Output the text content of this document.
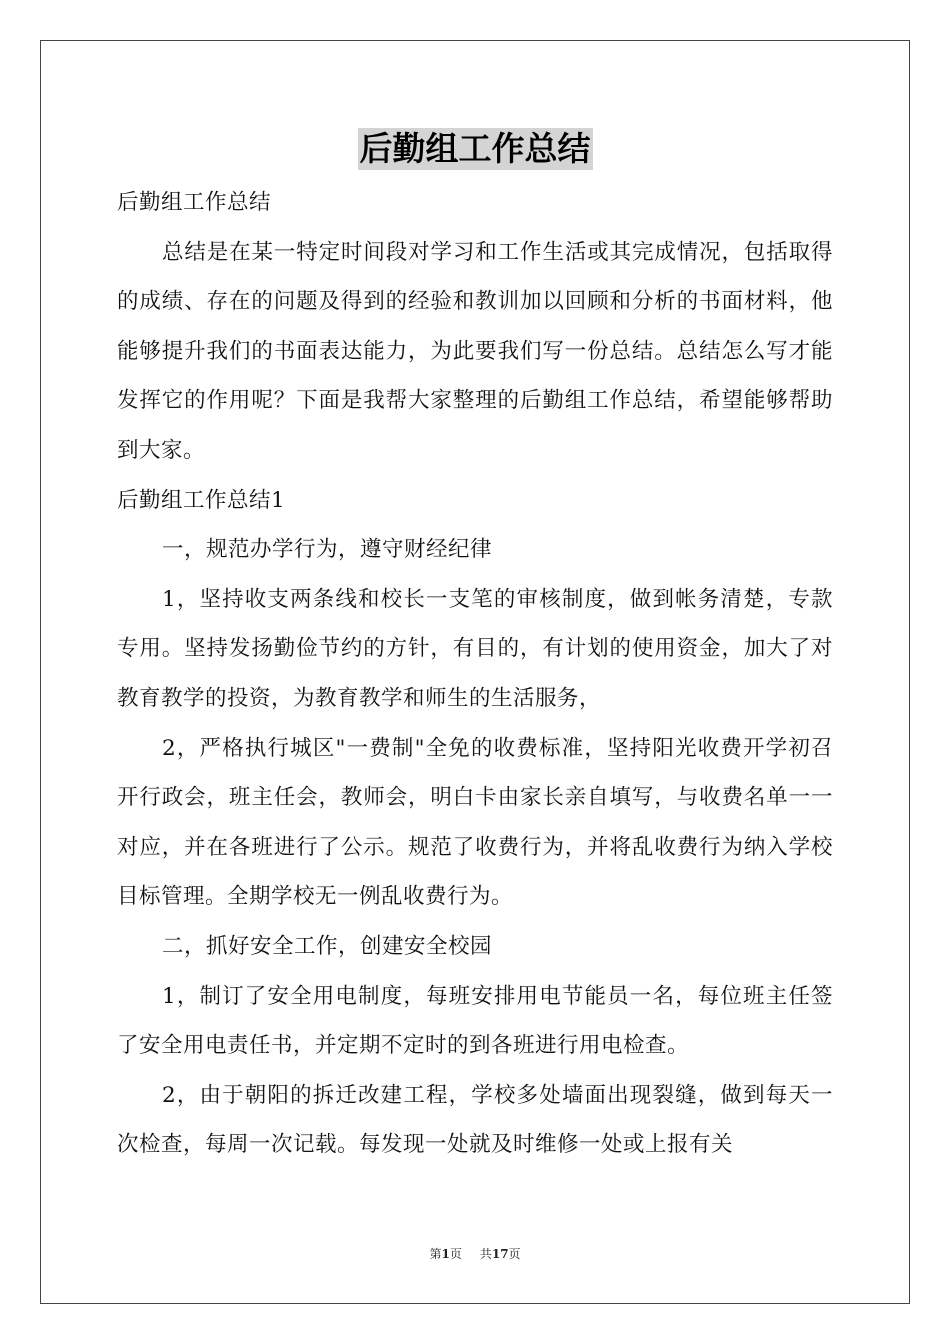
后勤组工作总结

后勤组工作总结

总结是在某一特定时间段对学习和工作生活或其完成情况，包括取得的成绩、存在的问题及得到的经验和教训加以回顾和分析的书面材料，他能够提升我们的书面表达能力，为此要我们写一份总结。总结怎么写才能发挥它的作用呢？下面是我帮大家整理的后勤组工作总结，希望能够帮助到大家。

后勤组工作总结1

一，规范办学行为，遵守财经纪律

1，坚持收支两条线和校长一支笔的审核制度，做到帐务清楚，专款专用。坚持发扬勤俭节约的方针，有目的，有计划的使用资金，加大了对教育教学的投资，为教育教学和师生的生活服务，

2，严格执行城区"一费制"全免的收费标准，坚持阳光收费开学初召开行政会，班主任会，教师会，明白卡由家长亲自填写，与收费名单一一对应，并在各班进行了公示。规范了收费行为，并将乱收费行为纳入学校目标管理。全期学校无一例乱收费行为。

二，抓好安全工作，创建安全校园

1，制订了安全用电制度，每班安排用电节能员一名，每位班主任签了安全用电责任书，并定期不定时的到各班进行用电检查。

2，由于朝阳的拆迁改建工程，学校多处墙面出现裂缝，做到每天一次检查，每周一次记载。每发现一处就及时维修一处或上报有关

第1页 共17页
